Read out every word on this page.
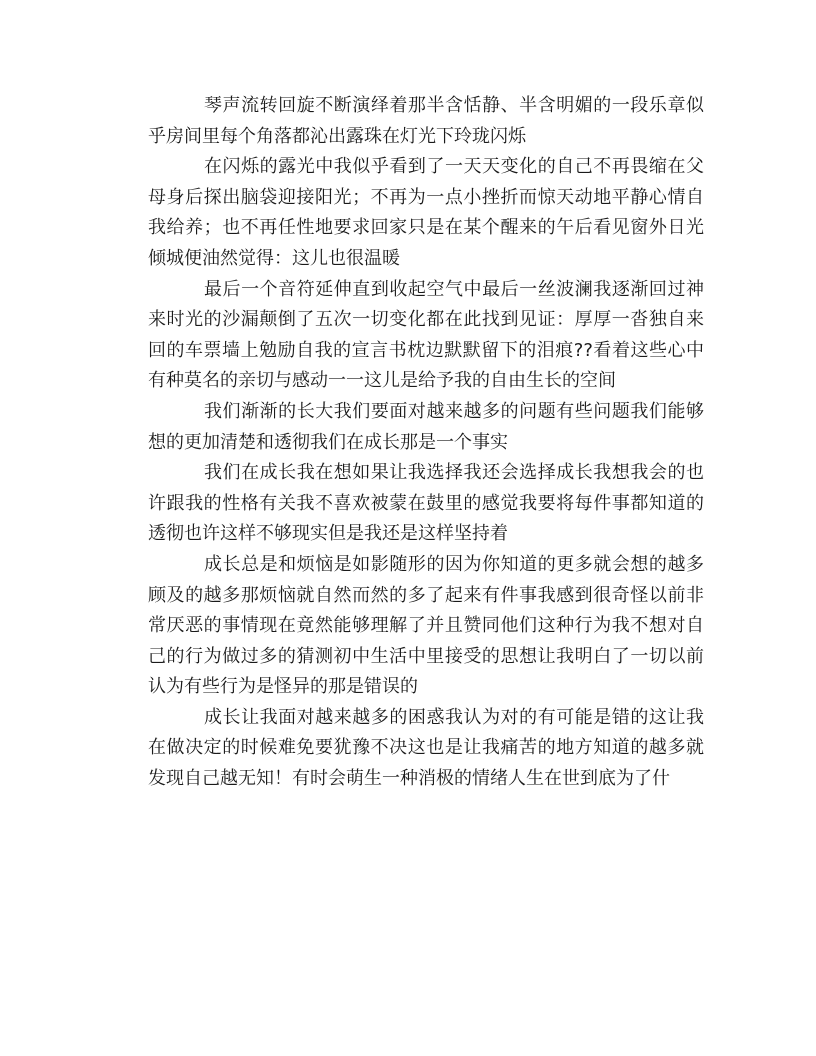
琴声流转回旋不断演绎着那半含恬静、半含明媚的一段乐章似乎房间里每个角落都沁出露珠在灯光下玲珑闪烁

在闪烁的露光中我似乎看到了一天天变化的自己不再畏缩在父母身后探出脑袋迎接阳光；不再为一点小挫折而惊天动地平静心情自我给养；也不再任性地要求回家只是在某个醒来的午后看见窗外日光倾城便油然觉得：这儿也很温暖

最后一个音符延伸直到收起空气中最后一丝波澜我逐渐回过神来时光的沙漏颠倒了五次一切变化都在此找到见证：厚厚一沓独自来回的车票墙上勉励自我的宣言书枕边默默留下的泪痕??看着这些心中有种莫名的亲切与感动一一这儿是给予我的自由生长的空间

我们渐渐的长大我们要面对越来越多的问题有些问题我们能够想的更加清楚和透彻我们在成长那是一个事实

我们在成长我在想如果让我选择我还会选择成长我想我会的也许跟我的性格有关我不喜欢被蒙在鼓里的感觉我要将每件事都知道的透彻也许这样不够现实但是我还是这样坚持着

成长总是和烦恼是如影随形的因为你知道的更多就会想的越多顾及的越多那烦恼就自然而然的多了起来有件事我感到很奇怪以前非常厌恶的事情现在竟然能够理解了并且赞同他们这种行为我不想对自己的行为做过多的猜测初中生活中里接受的思想让我明白了一切以前认为有些行为是怪异的那是错误的

成长让我面对越来越多的困惑我认为对的有可能是错的这让我在做决定的时候难免要犹豫不决这也是让我痛苦的地方知道的越多就发现自己越无知！有时会萌生一种消极的情绪人生在世到底为了什
